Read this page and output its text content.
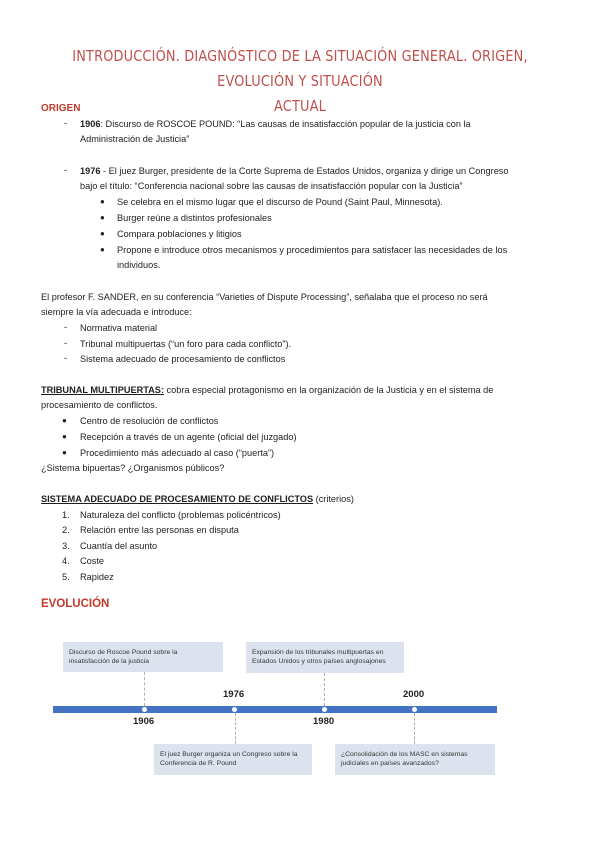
INTRODUCCIÓN. DIAGNÓSTICO DE LA SITUACIÓN GENERAL. ORIGEN, EVOLUCIÓN Y SITUACIÓN
ACTUAL
ORIGEN
- 1906: Discurso de ROSCOE POUND: “Las causas de insatisfacción popular de la justicia con la
Administración de Justicia”
- 1976 - El juez Burger, presidente de la Corte Suprema de Estados Unidos, organiza y dirige un Congreso
bajo el título: “Conferencia nacional sobre las causas de insatisfacción popular con la Justicia”
● Se celebra en el mismo lugar que el discurso de Pound (Saint Paul, Minnesota).
● Burger reúne a distintos profesionales
● Compara poblaciones y litigios
● Propone e introduce otros mecanismos y procedimientos para satisfacer las necesidades de los
individuos.
El profesor F. SANDER, en su conferencia “Varieties of Dispute Processing”, señalaba que el proceso no será
siempre la vía adecuada e introduce:
- Normativa material
- Tribunal multipuertas (“un foro para cada conflicto”).
- Sistema adecuado de procesamiento de conflictos
TRIBUNAL MULTIPUERTAS: cobra especial protagonismo en la organización de la Justicia y en el sistema de
procesamiento de conflictos.
● Centro de resolución de conflictos
● Recepción a través de un agente (oficial del juzgado)
● Procedimiento más adecuado al caso (“puerta”)
¿Sistema bipuertas? ¿Organismos públicos?
SISTEMA ADECUADO DE PROCESAMIENTO DE CONFLICTOS (criterios)
1. Naturaleza del conflicto (problemas policéntricos)
2. Relación entre las personas en disputa
3. Cuantía del asunto
4. Coste
5. Rapidez
EVOLUCIÓN
Discurso de Roscoe Pound sobre la
insatisfacción de la justicia
Expansión de los tribunales multipuertas en
Estados Unidos y otros países anglosajones
El juez Burger organiza un Congreso sobre la
Conferencia de R. Pound
¿Consolidación de los MASC en sistemas
judiciales en países avanzados?
1906
1976
1980
2000
